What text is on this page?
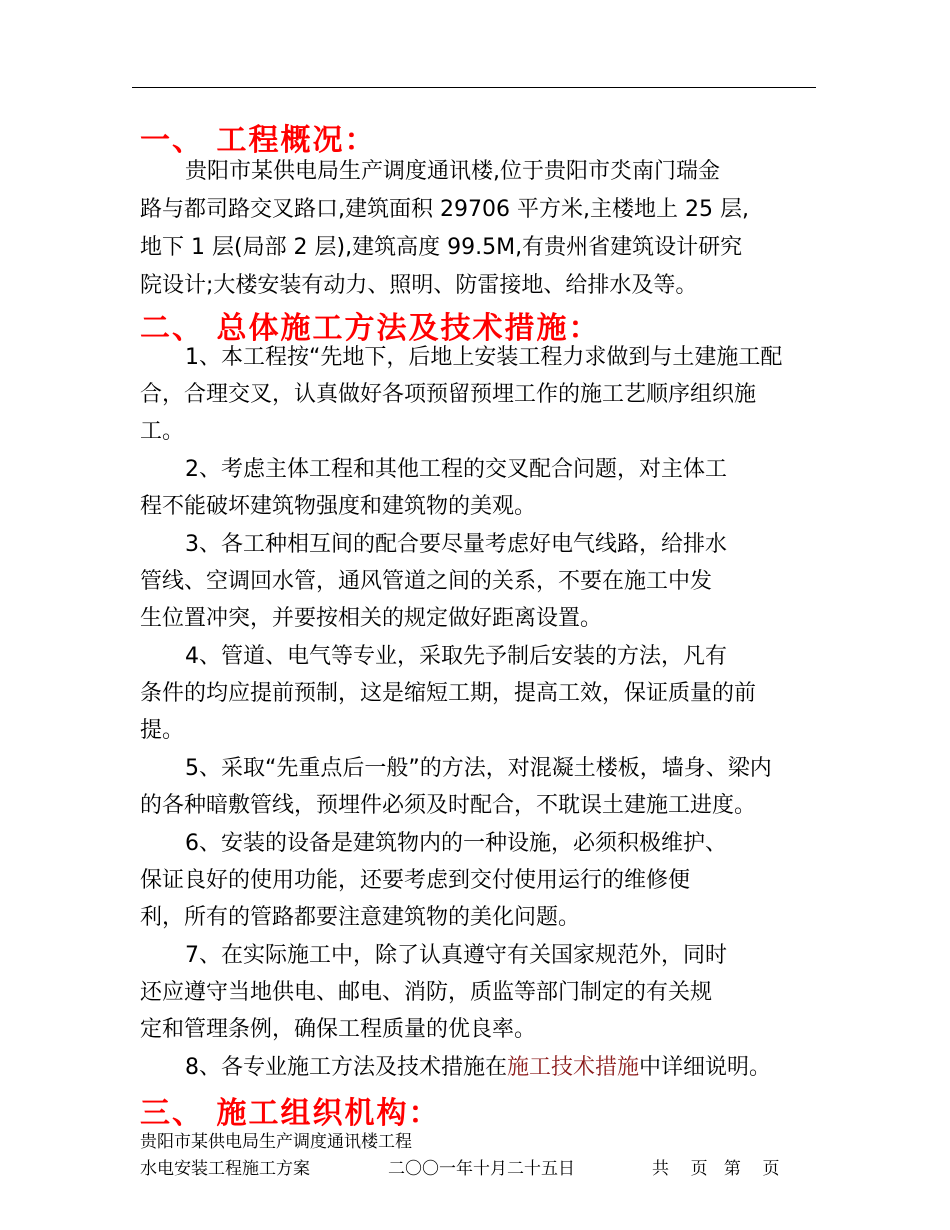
一、 工程概况：
贵阳市某供电局生产调度通讯楼,位于贵阳市氼南门瑞金
路与都司路交叉路口,建筑面积 29706 平方米,主楼地上 25 层,
地下 1 层(局部 2 层),建筑高度 99.5M,有贵州省建筑设计研究
院设计;大楼安装有动力、照明、防雷接地、给排水及等。
二、 总体施工方法及技术措施：
1、本工程按“先地下，后地上安装工程力求做到与土建施工配
合，合理交叉，认真做好各项预留预埋工作的施工艺顺序组织施
工。
2、考虑主体工程和其他工程的交叉配合问题，对主体工
程不能破坏建筑物强度和建筑物的美观。
3、各工种相互间的配合要尽量考虑好电气线路，给排水
管线、空调回水管，通风管道之间的关系，不要在施工中发
生位置冲突，并要按相关的规定做好距离设置。
4、管道、电气等专业，采取先予制后安装的方法，凡有
条件的均应提前预制，这是缩短工期，提高工效，保证质量的前
提。
5、采取“先重点后一般”的方法，对混凝土楼板，墙身、梁内
的各种暗敷管线，预埋件必须及时配合，不耽误土建施工进度。
6、安装的设备是建筑物内的一种设施，必须积极维护、
保证良好的使用功能，还要考虑到交付使用运行的维修便
利，所有的管路都要注意建筑物的美化问题。
7、在实际施工中，除了认真遵守有关国家规范外，同时
还应遵守当地供电、邮电、消防，质监等部门制定的有关规
定和管理条例，确保工程质量的优良率。
8、各专业施工方法及技术措施在施工技术措施中详细说明。
三、 施工组织机构：
贵阳市某供电局生产调度通讯楼工程
水电安装工程施工方案	二〇〇一年十月二十五日	共    页   第    页
